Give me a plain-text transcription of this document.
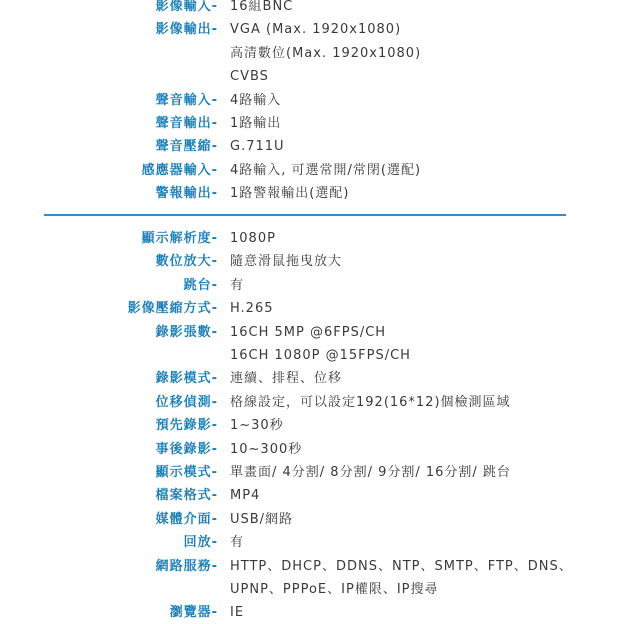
影像輸入- 16組BNC
影像輸出- VGA (Max. 1920x1080)
高清數位(Max. 1920x1080)
CVBS
聲音輸入- 4路輸入
聲音輸出- 1路輸出
聲音壓縮- G.711U
感應器輸入- 4路輸入, 可選常開/常閉(選配)
警報輸出- 1路警報輸出(選配)
顯示解析度- 1080P
數位放大- 隨意滑鼠拖曳放大
跳台- 有
影像壓縮方式- H.265
錄影張數- 16CH 5MP @6FPS/CH
16CH 1080P @15FPS/CH
錄影模式- 連續、排程、位移
位移偵測- 格線設定，可以設定192(16*12)個檢測區域
預先錄影- 1~30秒
事後錄影- 10~300秒
顯示模式- 單畫面/ 4分割/ 8分割/ 9分割/ 16分割/ 跳台
檔案格式- MP4
媒體介面- USB/網路
回放- 有
網路服務- HTTP、DHCP、DDNS、NTP、SMTP、FTP、DNS、
UPNP、PPPoE、IP權限、IP搜尋
瀏覽器- IE
